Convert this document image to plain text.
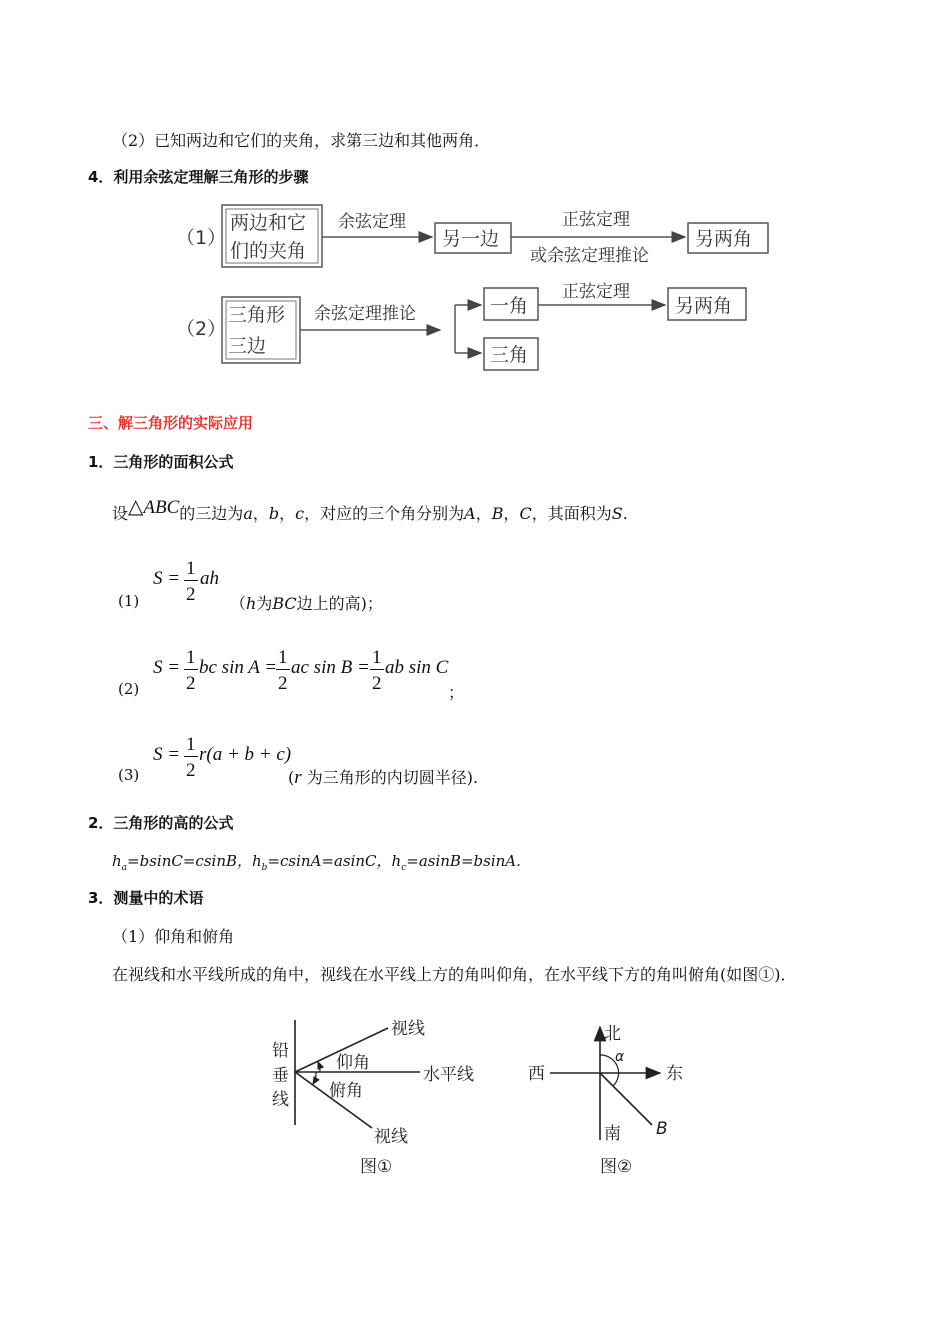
（2）已知两边和它们的夹角，求第三边和其他两角．
4．利用余弦定理解三角形的步骤
（1）
两边和它
们的夹角
余弦定理
另一边
正弦定理
或余弦定理推论
另两角
（2）
三角形
三边
余弦定理推论	一角
正弦定理
另两角
三角
三、解三角形的实际应用
1．三角形的面积公式
设△ABC的三边为a，b，c，对应的三个角分别为A，B，C，其面积为S.
(1)
S = 1
2
ah
（h为BC边上的高)；
(2)
S = 1
2
bc sin A = 1
2
ac sin B = 1
2
ab sin C
；
(3)
S = 1
2
r(a + b + c)
(r 为三角形的内切圆半径).
2．三角形的高的公式
$h_a=bsinC=csinB$，$h_b=csinA=asinC$，$h_c=asinB=bsinA$.
3．测量中的术语
（1）仰角和俯角
在视线和水平线所成的角中，视线在水平线上方的角叫仰角，在水平线下方的角叫俯角(如图①)．
铅
垂
线
视线
仰角
水平线
俯角
视线
图①
北
西	东
南
α
B
图②
